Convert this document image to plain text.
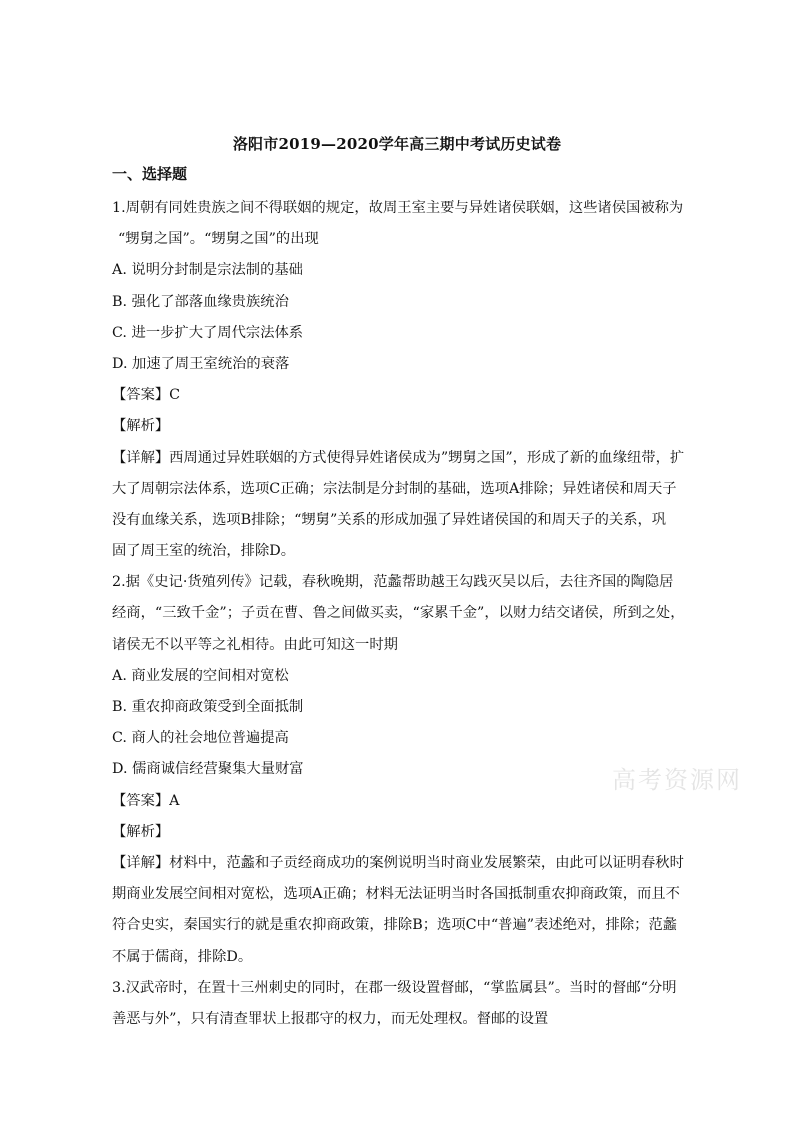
洛阳市2019—2020学年高三期中考试历史试卷
一、选择题
1.周朝有同姓贵族之间不得联姻的规定，故周王室主要与异姓诸侯联姻，这些诸侯国被称为
“甥舅之国”。“甥舅之国”的出现
A. 说明分封制是宗法制的基础
B. 强化了部落血缘贵族统治
C. 进一步扩大了周代宗法体系
D. 加速了周王室统治的衰落
【答案】C
【解析】
【详解】西周通过异姓联姻的方式使得异姓诸侯成为”甥舅之国”，形成了新的血缘纽带，扩
大了周朝宗法体系，选项C正确；宗法制是分封制的基础，选项A排除；异姓诸侯和周天子
没有血缘关系，选项B排除；“甥舅”关系的形成加强了异姓诸侯国的和周天子的关系，巩
固了周王室的统治，排除D。
2.据《史记·货殖列传》记载，春秋晚期，范蠡帮助越王勾践灭吴以后，去往齐国的陶隐居
经商，“三致千金”；子贡在曹、鲁之间做买卖，“家累千金”，以财力结交诸侯，所到之处，
诸侯无不以平等之礼相待。由此可知这一时期
A. 商业发展的空间相对宽松
B. 重农抑商政策受到全面抵制
C. 商人的社会地位普遍提高
D. 儒商诚信经营聚集大量财富
【答案】A
【解析】
【详解】材料中，范蠡和子贡经商成功的案例说明当时商业发展繁荣，由此可以证明春秋时
期商业发展空间相对宽松，选项A正确；材料无法证明当时各国抵制重农抑商政策，而且不
符合史实，秦国实行的就是重农抑商政策，排除B；选项C中“普遍”表述绝对，排除；范蠡
不属于儒商，排除D。
3.汉武帝时，在置十三州刺史的同时，在郡一级设置督邮，“掌监属县”。当时的督邮“分明
善恶与外”，只有清查罪状上报郡守的权力，而无处理权。督邮的设置
高考资源网
